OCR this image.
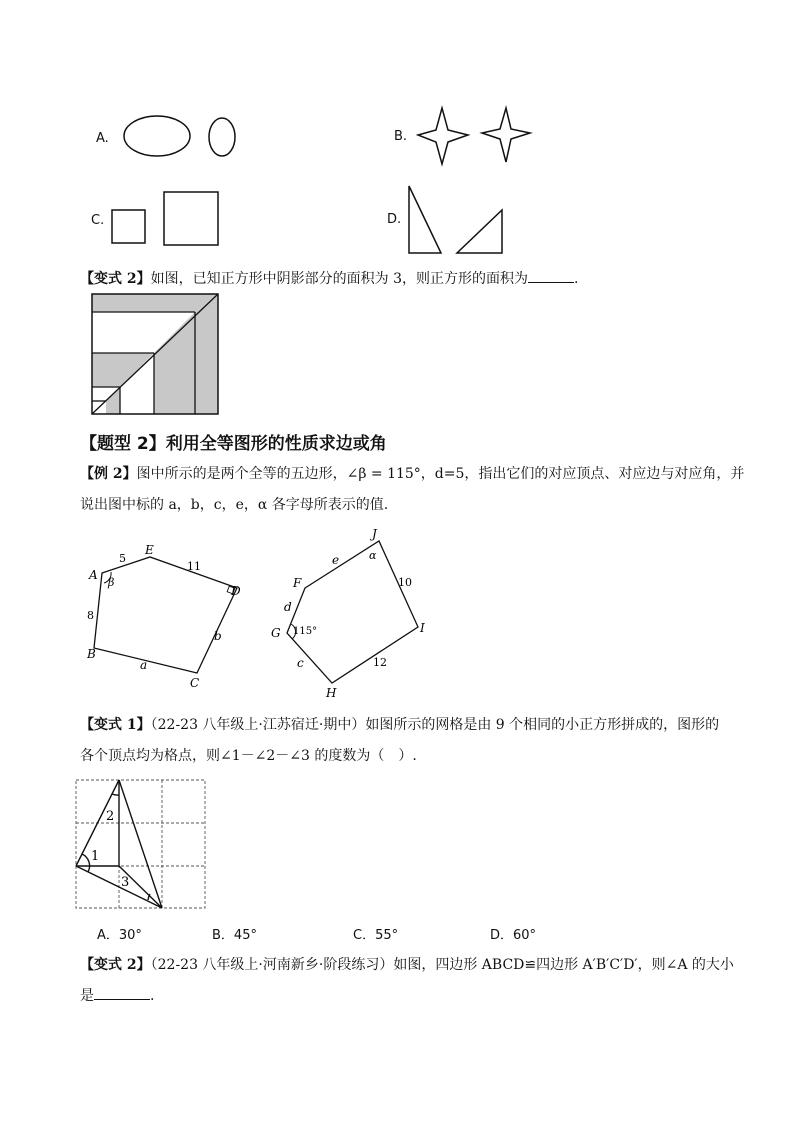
A.	B.
C.	D.
【变式 2】如图，已知正方形中阴影部分的面积为 3，则正方形的面积为	.
【题型 2】利用全等图形的性质求边或角
【例 2】图中所示的是两个全等的五边形，∠β = 115°，d=5，指出它们的对应顶点、对应边与对应角，并
说出图中标的 a，b，c，e，α 各字母所表示的值.
A
E
D
C
B
5
11
b
a
8
β	F
J
I
H
G
e
10
12
c
d
α
115°
【变式 1】（22-23 八年级上·江苏宿迁·期中）如图所示的网格是由 9 个相同的小正方形拼成的，图形的
各个顶点均为格点，则∠1－∠2－∠3 的度数为（　）.
1
2
3
A．30°	B．45°	C．55°	D．60°
【变式 2】（22-23 八年级上·河南新乡·阶段练习）如图，四边形 ABCD≌四边形 A′B′C′D′，则∠A 的大小
是	.
